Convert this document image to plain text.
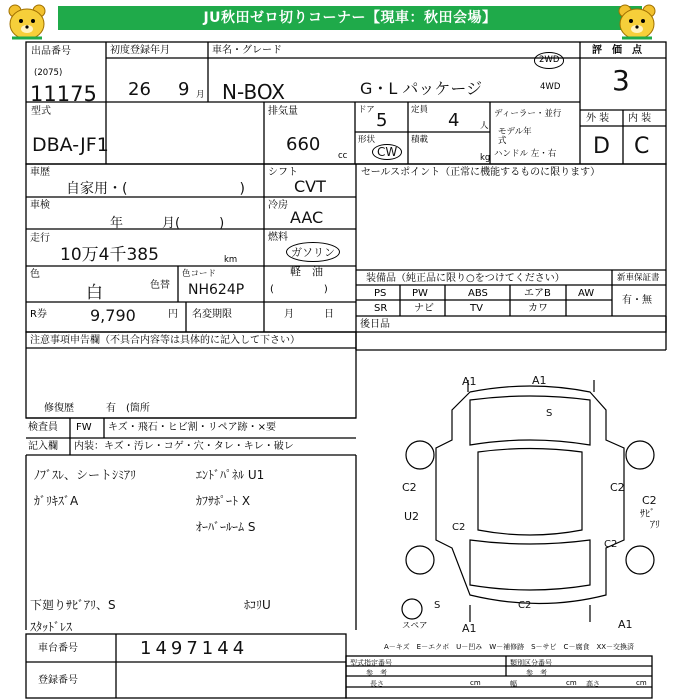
JU秋田ゼロ切りコーナー【現車：秋田会場】
出品番号
(2075)
11175
初度登録年月
26 9 月
車名・グレード
N-BOX	G・L パッケージ
2WD
4WD
評　価　点
3
型式
DBA-JF1
排気量
660
cc
ドア 5	定員 4 人
形状
CW
積載
kg
ディーラー・並行
モデル年式
ハンドル 左・右
外 装 内 装
D C
車歴
自家用・(　　　　　　　　)
シフト
CVT
セールスポイント（正常に機能するものに限ります）
車検
年　　　月(　　　)
冷房
AAC
走行
10万4千385	km
燃料
ガソリン
軽　油
(　　　　　)
色
白	色替
色コード
NH624P
装備品（純正品に限り○をつけてください）	新車保証書
有・無
PS	PW	ABS	エアB	AW
SR	ナビ	TV	カワ
R券	9,790	円 名変期限	月　　　日
後日品
注意事項申告欄（不具合内容等は具体的に記入して下さい）
修復歴	有　(箇所
検査員 FW キズ・飛石・ヒビ割・リペア跡・×要
記入欄 内装：キズ・汚レ・コゲ・穴・タレ・キレ・破レ
ﾉﾌﾞｽﾚ、シートｼﾐｱﾘ
ｶﾞﾘｷｽﾞA
下廻りｻﾋﾞｱﾘ、S
ｽﾀｯﾄﾞﾚｽ
ｴﾝﾄﾞﾊﾟﾈﾙ U1
ｶﾌｻﾎﾟｰﾄ X
ｵｰﾊﾞｰﾙｰﾑ S
ﾎｺﾘU
A1	A1
S
C2	C2
U2
C2
C2
C2
ｻﾋﾞ
ｱﾘ
S
A1
C2
A1
スペア
A－キズ　E－エクボ　U－凹み　W－補修跡　S－サビ　C－腐食　XX－交換済
車台番号	1497144
登録番号
型式指定番号	類別区分番号
参　考	参　考
長さ	cm	幅	cm 高さ	cm
